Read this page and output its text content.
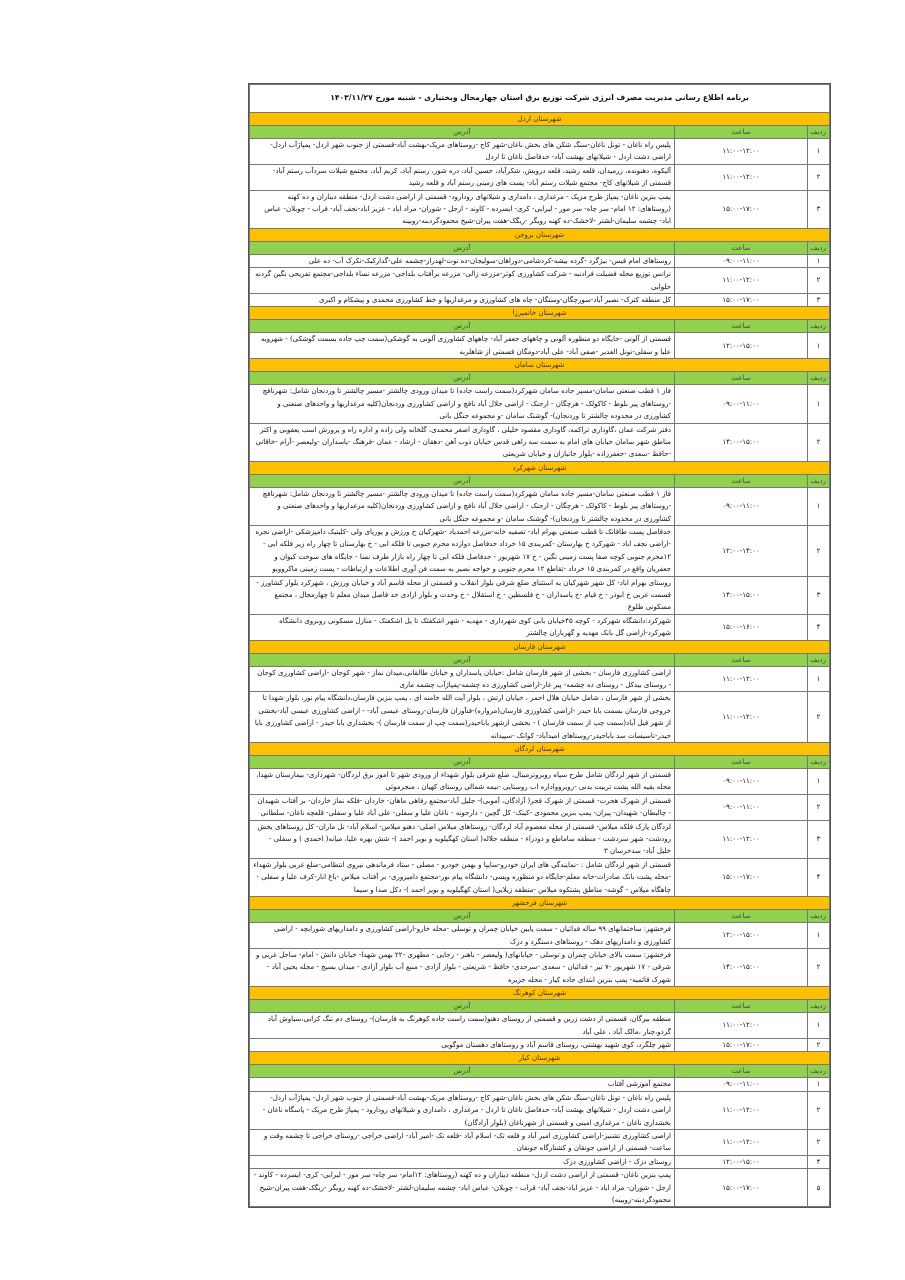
برنامه اطلاع رسانی مدیریت مصرف انرژی شرکت توزیع برق استان چهارمحال وبختیاری - شنبه مورخ ۱۴۰۳/۱۱/۲۷		
شهرستان اردل		
ردیف	ساعت	آدرس
۱	۱۱:۰۰-۱۲:۰۰	پلیس راه ناغان - تونل ناغان-سنگ شکن های بخش ناغان-شهر کاج -روستاهای مریک-بهشت آباد-قسمتی از جنوب شهر اردل- پمپاژآب اردل- اراضی دشت اردل - شیلاتهای بهشت آباد- حدفاصل ناغان تا اردل
۲	۱۱:۰۰-۱۲:۰۰	آلیکوه، دهنونده، زرمیدان، قلعه رشید، قلعه درویش، شکرآباد، حسین آباد، دره شور، رستم آباد، کریم آباد، مجتمع شیلات سردآب رستم آباد-قسمتی از شیلاتهای کاج- مجتمع شیلات رستم آباد- پست های زمینی رستم آباد و قلعه رشید
۳	۱۵:۰۰-۱۷:۰۰	پمپ بنزین ناغان- پمپاژ طرح مریک - مرغداری ، دامداری و شیلاتهای رودارود- قسمتی از اراضی دشت اردل- منطقه دیناران و ده کهنه (روستاهای: ۱۲ امام- سر چاه- سر مور - لیرابی- کری- ایسرده - کاوند - ارجل - شوران- مراد اباد - عزیز اباد-نجف آباد- قراب - چوبلان- عباس اباد- چشمه سلیمان-لشتر -لاخشک-ده کهنه رویگر -ریگک-هفت پیران-شیخ محمودگردبنه-روبینه
شهرستان بروجن		
ردیف	ساعت	آدرس
۱	۰۹:۰۰-۱۱:۰۰	روستاهای امام قیس- بیژگرد -گرده بیشه-کردشامی-دوراهان-سولیجان-ده توت-لهدراز-چشمه علی-گدارکبک-تکرک آب- ده علی
۲	۱۱:۰۰-۱۲:۰۰	ترانس توزیع محله فضیلت فرادنبه - شرکت کشاورزی کوثر-مزرعه زالی- مزرعه برآفتاب بلداجی- مزرعه نساء بلداجی-مجتمع تفریحی نگین گردنه حلوایی
۳	۱۵:۰۰-۱۷:۰۰	کل منطقه کترک- نصیر آباد-سورچگان-وستگان- چاه های کشاورزی و مرغداریها و خط کشاورزی محمدی و پیشکام و اکبری
شهرستان خانمیرزا		
ردیف	ساعت	آدرس
۱	۱۲:۰۰-۱۵:۰۰	قسمتی از آلونی -جایگاه دو منظوره آلونی و چاههای جعفر آباد- چاههای کشاورزی آلونی به گوشکی(سمت چپ جاده بسمت گوشکی) - شهرویه علیا و سفلی-تونل الغدیر -صفی آباد- علی آباد-دومگان قسمتی از شاهلربه
شهرستان سامان		
ردیف	ساعت	آدرس
۱	۰۹:۰۰-۱۱:۰۰	فاز ۱ قطب صنعتی سامان-مسیر جاده سامان شهرکرد(سمت راست جاده) تا میدان ورودی چالشتر -مسیر چالشتر تا وردنجان شامل: شهرنافچ -روستاهای پیر بلوط - کاکولک - هرچگان - ارجنک - اراضی جلال آباد نافچ و اراضی کشاورزی وردنجان(کلیه مرغداریها و واحدهای صنعتی و کشاورزی در محدوده چالشتر تا وردنجان)- گوشنک سامان -و مجموعه جنگل بانی
۲	۱۴:۰۰-۱۵:۰۰	دفتر شرکت عمان ،گاوداری تراکمه، گاوداری مقصود خلیلی ، گاوداری اصغر محمدی، گلخانه ولی زاده و اداره راه و پرورش اسب یعقوبی و اکثر مناطق شهر سامان خیابان های امام به سمت سه راهی قدس خیابان ذوب آهن -دهقان - ارشاد - عمان -فرهنگ -پاسداران -ولیعصر -آرام -خاقانی -حافظ -سعدی -جعفرزاده -بلوار جانبازان و خیابان شریعتی
شهرستان شهرکرد		
ردیف	ساعت	آدرس
۱	۰۹:۰۰-۱۱:۰۰	فاز ۱ قطب صنعتی سامان-مسیر جاده سامان شهرکرد(سمت راست جاده) تا میدان ورودی چالشتر -مسیر چالشتر تا وردنجان شامل: شهرنافچ -روستاهای پیر بلوط - کاکولک - هرچگان - ارجنک - اراضی جلال آباد نافچ و اراضی کشاورزی وردنجان(کلیه مرغداریها و واحدهای صنعتی و کشاورزی در محدوده چالشتر تا وردنجان)- گوشنک سامان -و مجموعه جنگل بانی
۲	۱۲:۰۰-۱۴:۰۰	حدفاصل پست طاقانک تا قطب صنعتی بهرام اباد- تصفیه خانه-مزرعه احمدیاد -شهرکیان خ ورزش و پوریای ولی -کلینیک دامپزشکی -اراضی نجره -اراضی نجف اباد - شهرکرد خ بهارستان -کمربندی ۱۵ خرداد حدفاصل دوازده محرم جنوبی تا فلکه ابی - خ بهارستان تا چهار راه زیر فلکه ابی - ۱۲محرم جنوبی کوچه صفا پست زمینی نگین - خ ۱۷ شهریور - حدفاصل فلکه ابی تا چهار راه بازار طرف نسا - جایگاه های سوخت کیوان و جعفریان واقع در کمربندی ۱۵ خرداد -تقاطع ۱۲ محرم جنوبی و خواجه نصیر به سمت فن آوری اطلاعات و ارتباطات - پست زمینی ماکروویو
۳	۱۴:۰۰-۱۵:۰۰	روستای بهرام اباد- کل شهر شهرکیان به استثنای ضلع شرقی بلوار انقلاب و قسمتی از محله قاسم آباد و خیابان ورزش ، شهرکرد بلوار کشاورز - قسمت غربی خ ابوذر - خ قیام -خ پاسداران - خ فلسطین - خ استقلال - خ وحدت و بلوار ازادی حد فاصل میدان معلم تا چهارمحال ، مجتمع مسکونی طلوع
۴	۱۵:۰۰-۱۶:۰۰	شهرکرد:دانشگاه شهرکرد - کوچه ۴۵خیابان بابی کوی شهرداری - مهدیه - شهر اشکفتک تا پل اشکفتک - منازل مسکونی روبروی دانشگاه شهرکرد-اراضی گل بانک مهدیه و گهرباران چالشتر
شهرستان فارسان		
ردیف	ساعت	آدرس
۱	۱۱:۰۰-۱۲:۰۰	اراضی کشاورزی فارسان - بخشی از شهر فارسان شامل :خیابان پاسداران و خیابان طالقانی،میدان نماز - شهر کوجان -اراضی کشاورزی کوجان - روستای بیدکل - روستای ده چشمه- پیر غار-اراضی کشاورزی ده چشمه-پمپاژآب چشمه ماری
۲	۱۱:۰۰-۱۲:۰۰	بخشی از شهر فارسان ، شامل خیابان هلال احمر ، خیابان ارتش ، بلوار آیت الله خامنه ای ، پمپ بنزین فارسان،دانشگاه پیام نور، بلوار شهدا تا خروجی فارسان بسمت بابا حیدر -اراضی کشاورزی فارسان(مرواره)-فنآوران فارسان-روستای عیسی آباد- - اراضی کشاورزی عیسی آباد-بخشی از شهر فیل آباد(سمت چپ از سمت فارسان ) - بخشی ازشهر باباحیدر(سمت چپ از سمت فارسان )- بخشداری بابا حیدر - اراضی کشاورزی بابا حیدر-تاسیسات سد باباحیدر-روستاهای امیدآباد- کوانک -سپیدانه
شهرستان لردگان		
ردیف	ساعت	آدرس
۱	۰۹:۰۰-۱۱:۰۰	قسمتی از شهر لردگان شامل طرح سپاه روبروترمینال، ضلع شرقی بلوار شهداء از ورودی شهر تا امور برق لردگان- شهرداری- بیمارستان شهدا، محله بقیه الله پشت تربیت بدنی -روبروواداره اب روستایی -نیمه شمالی روستای کهیان ، منجرموئی
۲	۰۹:۰۰-۱۱:۰۰	قسمتی از شهرک هجرت- قسمتی از شهرک فجر( آزادگان، آموبی)- جلیل آباد-مجتمع رفاهی ماهان- خاردان -فلکه نماز خاردان- بر آفتاب شهیدان - چالبطان- شهیدان- پیران- پمپ بنزین محمودی -کینک- کل گچین - دارجونه - ناغان علیا و سفلی- علی آباد علیا و سفلی- قلعچه ناغان- سلطانی
۳	۱۱:۰۰-۱۲:۰۰	لردگان پارک فلکه میلاس- قسمتی از محله معصوم آباد لردگان- روستاهای میلاس اصلی- دهنو میلاس- اسلام آباد- تل ماران- کل روستاهای بخش رودشت- شهر سردشت - منطقه ساماطع و دودراء - منطقه جلاله( استان کهگیلویه و بویر احمد )- شش بهره علیا، میانه( احمدی ) و سفلی - خلیل آباد- سدخرسان ۳
۴	۱۵:۰۰-۱۷:۰۰	قسمتی از شهر لردگان شامل : -نمایندگی های ایران خودرو-سایپا و بهمن خودرو - مصلی - ستاد فرماندهی نیروی انتظامی-ضلع غربی بلوار شهداء -محله پشت بانک صادرات-خانه معلم-جایگاه دو منظوره ویسی- دانشگاه پیام نور-مجتمع دامپروری- بر آفتاب میلاس -باغ انار-کرف علیا و سفلی - چاهگاه میلاس - گوشه- مناطق پشتکوه میلاس -منطقه زیلایی( استان کهگیلویه و بویر احمد )- دکل صدا و سیما
شهرستان فرخشهر		
ردیف	ساعت	آدرس
۱	۱۲:۰۰-۱۵:۰۰	فرخشهر: ساختمانهای ۹۹ ساله فدائیان - سمت پایین خیابان چمران و توسلی -محله خارو-اراضی کشاورزی و دامداریهای شورابچه - اراضی کشاورزی و دامداریهای دهک - روستاهای دستگرد و دزک
۲	۱۴:۰۰-۱۵:۰۰	فرخشهر: سمت بالای خیابان چمران و توسلی - خیابانهای( ولیعصر - باهنر - رجایی - مطهری -۲۲ بهمن شهدا- خیابان دانش - امام- ساحل غربی و شرقی - ۱۷ شهریور -۷ تیر - فدائیان - سعدی -سرحدی- حافظ - شریعتی - بلوار آزادی - منبع آب بلوار آزادی - میدان بسیج - محله یحیی آباد - شهرک قائمیه- پمپ بنزین ابتدای جاده کیار - محله جزیره
شهرستان کوهرنگ		
ردیف	ساعت	آدرس
۱	۱۱:۰۰-۱۲:۰۰	منطقه بیرگان، قسمتی از دشت زرین و قسمتی از روستای دهنو(سمت راست جاده کوهرنگ به فارسان)- روستای دم تنگ کرابی،سیاوش آباد گردو،چنار ،مالک آباد ، علی آباد
۲	۱۵:۰۰-۱۷:۰۰	شهر چلگرد، کوی شهید بهشتی، روستای قاسم آباد و روستاهای دهستان موگویی
شهرستان کیار		
ردیف	ساعت	آدرس
۱	۰۹:۰۰-۱۱:۰۰	مجتمع آموزشی آفتاب
۲	۱۱:۰۰-۱۲:۰۰	پلیس راه ناغان - تونل ناغان-سنگ شکن های بخش ناغان-شهر کاج -روستاهای مریک-بهشت آباد-قسمتی از جنوب شهر اردل- پمپاژآب اردل- اراضی دشت اردل - شیلاتهای بهشت آباد- حدفاصل ناغان تا اردل - مرغداری ، دامداری و شیلاتهای رودارود - پمپاژ طرح مریک - پاسگاه ناغان - بخشداری ناغان - مرغداری امینی و قسمتی از شهرناغان (بلوار آزادگان)
۲	۱۱:۰۰-۱۲:۰۰	اراضی کشاورزی تشنیز-اراضی کشاورزی امیر آباد و قلعه تک- اسلام آباد -قلعه تک -امیر آباد- اراضی خراجی -روستای خراجی تا چشمه وقت و ساعت- قسمتی از اراضی جونقان و کشتارگاه جونقان
۴	۱۲:۰۰-۱۵:۰۰	روستای دزک - اراضی کشاورزی دزک
۵	۱۵:۰۰-۱۷:۰۰	پمپ بنزین ناغان- قسمتی از اراضی دشت اردل- منطقه دیناران و ده کهنه (روستاهای: ۱۲امام- سر چاه- سر مور - لیرابی- کری- ایسرده - کاوند - ارجل - شوران- مراد اباد - عزیز اباد-نجف آباد- قراب - چوبلان- عباس اباد- چشمه سلیمان-لشتر -لاخشک-ده کهنه رویگر -ریگک-هفت پیران-شیخ محمودگردبنه-روبینه)
